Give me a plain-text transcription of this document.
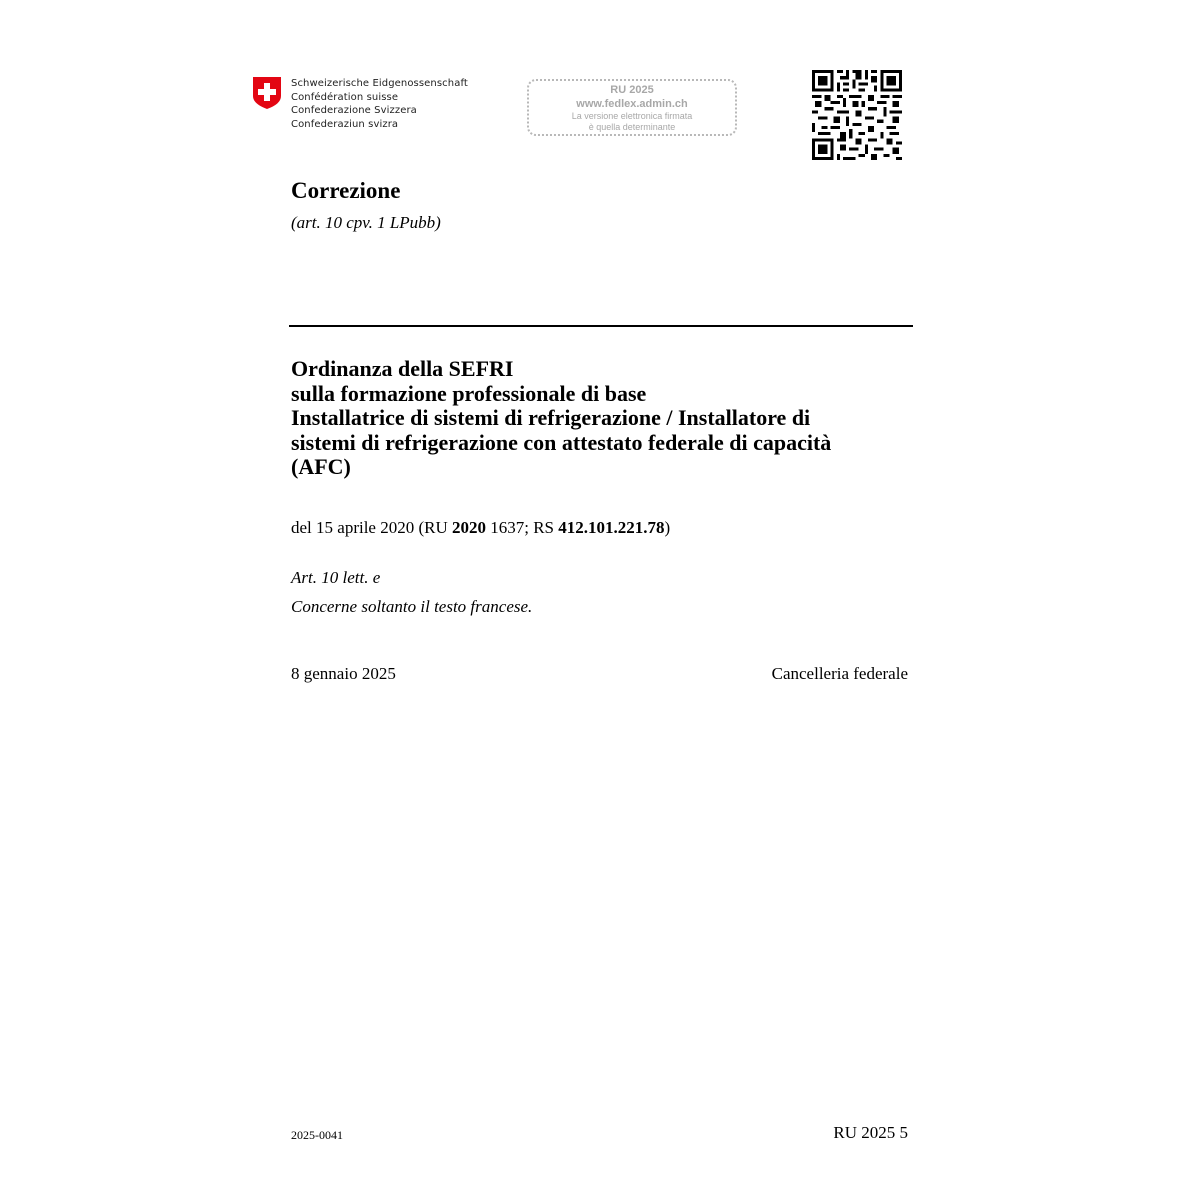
Schweizerische Eidgenossenschaft
Confédération suisse
Confederazione Svizzera
Confederaziun svizra
RU 2025
www.fedlex.admin.ch
La versione elettronica firmata
è quella determinante
Correzione
(art. 10 cpv. 1 LPubb)
Ordinanza della SEFRI
sulla formazione professionale di base
Installatrice di sistemi di refrigerazione / Installatore di
sistemi di refrigerazione con attestato federale di capacità
(AFC)
del 15 aprile 2020 (RU 2020 1637; RS 412.101.221.78)
Art. 10 lett. e
Concerne soltanto il testo francese.
8 gennaio 2025	Cancelleria federale
2025-0041	RU 2025 5
